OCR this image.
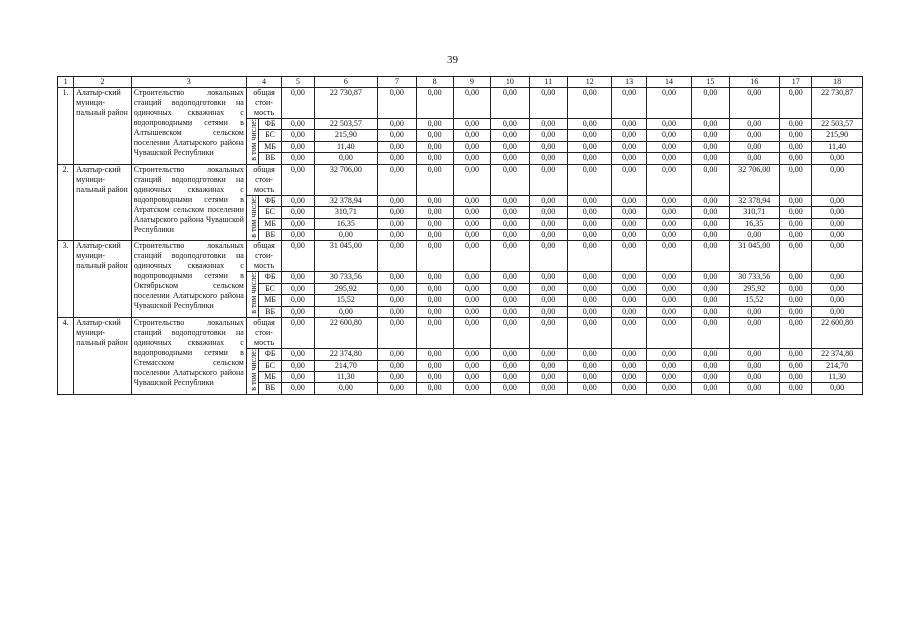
39
1	2	3	4		5	6	7	8	9	10	11	12	13	14	15	16	17	18
1.	Алатыр-ский муници-пальный район	Строительство локальных станций водоподготовки на одиночных скважинах с водопроводными сетями в Алтышевском сельском поселении Алатырского района Чувашской Республики	общая стои-мость		0,00	22 730,87	0,00	0,00	0,00	0,00	0,00	0,00	0,00	0,00	0,00	0,00	0,00	22 730,87
			в том числе:	ФБ	0,00	22 503,57	0,00	0,00	0,00	0,00	0,00	0,00	0,00	0,00	0,00	0,00	0,00	22 503,57
				БС	0,00	215,90	0,00	0,00	0,00	0,00	0,00	0,00	0,00	0,00	0,00	0,00	0,00	215,90
				МБ	0,00	11,40	0,00	0,00	0,00	0,00	0,00	0,00	0,00	0,00	0,00	0,00	0,00	11,40
				ВБ	0,00	0,00	0,00	0,00	0,00	0,00	0,00	0,00	0,00	0,00	0,00	0,00	0,00	0,00
2.	Алатыр-ский муници-пальный район	Строительство локальных станций водоподготовки на одиночных скважинах с водопроводными сетями в Атратском сельском поселении Алатырского района Чувашской Республики	общая стои-мость		0,00	32 706,00	0,00	0,00	0,00	0,00	0,00	0,00	0,00	0,00	0,00	32 706,00	0,00	0,00
			в том числе:	ФБ	0,00	32 378,94	0,00	0,00	0,00	0,00	0,00	0,00	0,00	0,00	0,00	32 378,94	0,00	0,00
				БС	0,00	310,71	0,00	0,00	0,00	0,00	0,00	0,00	0,00	0,00	0,00	310,71	0,00	0,00
				МБ	0,00	16,35	0,00	0,00	0,00	0,00	0,00	0,00	0,00	0,00	0,00	16,35	0,00	0,00
				ВБ	0,00	0,00	0,00	0,00	0,00	0,00	0,00	0,00	0,00	0,00	0,00	0,00	0,00	0,00
3.	Алатыр-ский муници-пальный район	Строительство локальных станций водоподготовки на одиночных скважинах с водопроводными сетями в Октябрьском сельском поселении Алатырского района Чувашской Республики	общая стои-мость		0,00	31 045,00	0,00	0,00	0,00	0,00	0,00	0,00	0,00	0,00	0,00	31 045,00	0,00	0,00
			в том числе:	ФБ	0,00	30 733,56	0,00	0,00	0,00	0,00	0,00	0,00	0,00	0,00	0,00	30 733,56	0,00	0,00
				БС	0,00	295,92	0,00	0,00	0,00	0,00	0,00	0,00	0,00	0,00	0,00	295,92	0,00	0,00
				МБ	0,00	15,52	0,00	0,00	0,00	0,00	0,00	0,00	0,00	0,00	0,00	15,52	0,00	0,00
				ВБ	0,00	0,00	0,00	0,00	0,00	0,00	0,00	0,00	0,00	0,00	0,00	0,00	0,00	0,00
4.	Алатыр-ский муници-пальный район	Строительство локальных станций водоподготовки на одиночных скважинах с водопроводными сетями в Стемасском сельском поселении Алатырского района Чувашской Республики	общая стои-мость		0,00	22 600,80	0,00	0,00	0,00	0,00	0,00	0,00	0,00	0,00	0,00	0,00	0,00	22 600,80
			в том числе:	ФБ	0,00	22 374,80	0,00	0,00	0,00	0,00	0,00	0,00	0,00	0,00	0,00	0,00	0,00	22 374,80
				БС	0,00	214,70	0,00	0,00	0,00	0,00	0,00	0,00	0,00	0,00	0,00	0,00	0,00	214,70
				МБ	0,00	11,30	0,00	0,00	0,00	0,00	0,00	0,00	0,00	0,00	0,00	0,00	0,00	11,30
				ВБ	0,00	0,00	0,00	0,00	0,00	0,00	0,00	0,00	0,00	0,00	0,00	0,00	0,00	0,00
